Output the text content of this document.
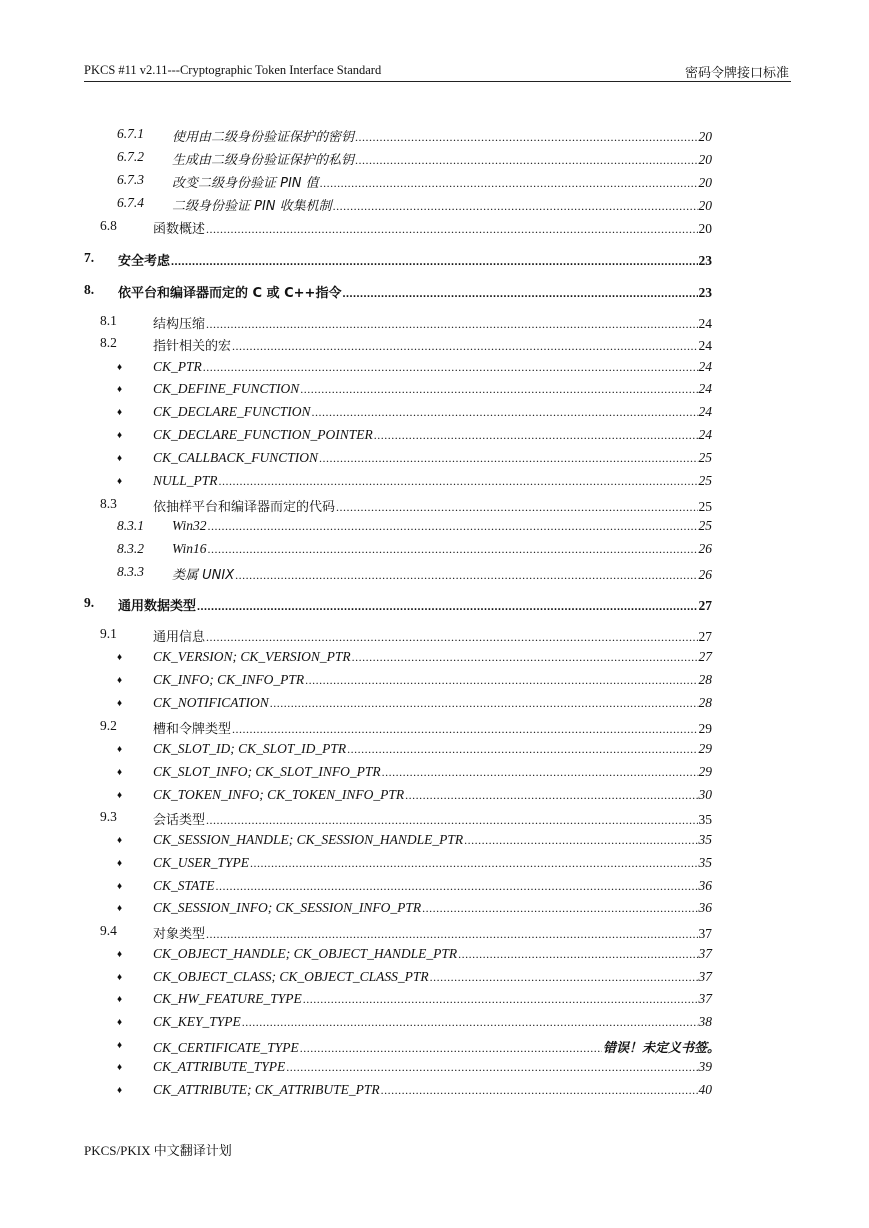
PKCS #11 v2.11---Cryptographic Token Interface Standard	密码令牌接口标准
6.7.1 使用由二级身份验证保护的密钥 .....	20
6.7.2 生成由二级身份验证保护的私钥 .....	20
6.7.3 改变二级身份验证 PIN 值 .....	20
6.7.4 二级身份验证 PIN 收集机制 .....	20
6.8	函数概述 .....	20
7. 安全考虑 .....	23
8. 依平台和编译器而定的 C 或 C++指令 .....	23
8.1	结构压缩 .....	24
8.2	指针相关的宏 .....	24
♦ CK_PTR .....	24
♦ CK_DEFINE_FUNCTION .....	24
♦ CK_DECLARE_FUNCTION .....	24
♦ CK_DECLARE_FUNCTION_POINTER .....	24
♦ CK_CALLBACK_FUNCTION .....	25
♦ NULL_PTR .....	25
8.3	依抽样平台和编译器而定的代码 .....	25
8.3.1 Win32 .....	25
8.3.2 Win16 .....	26
8.3.3 类属 UNIX .....	26
9. 通用数据类型 .....	27
9.1	通用信息 .....	27
♦ CK_VERSION; CK_VERSION_PTR .....	27
♦ CK_INFO; CK_INFO_PTR .....	28
♦ CK_NOTIFICATION .....	28
9.2	槽和令牌类型 .....	29
♦ CK_SLOT_ID; CK_SLOT_ID_PTR .....	29
♦ CK_SLOT_INFO; CK_SLOT_INFO_PTR .....	29
♦ CK_TOKEN_INFO; CK_TOKEN_INFO_PTR .....	30
9.3	会话类型 .....	35
♦ CK_SESSION_HANDLE; CK_SESSION_HANDLE_PTR .....	35
♦ CK_USER_TYPE .....	35
♦ CK_STATE .....	36
♦ CK_SESSION_INFO; CK_SESSION_INFO_PTR .....	36
9.4	对象类型 .....	37
♦ CK_OBJECT_HANDLE; CK_OBJECT_HANDLE_PTR .....	37
♦ CK_OBJECT_CLASS; CK_OBJECT_CLASS_PTR .....	37
♦ CK_HW_FEATURE_TYPE .....	37
♦ CK_KEY_TYPE .....	38
♦ CK_CERTIFICATE_TYPE .....	错误！未定义书签。
♦ CK_ATTRIBUTE_TYPE .....	39
♦ CK_ATTRIBUTE; CK_ATTRIBUTE_PTR .....	40
PKCS/PKIX 中文翻译计划
